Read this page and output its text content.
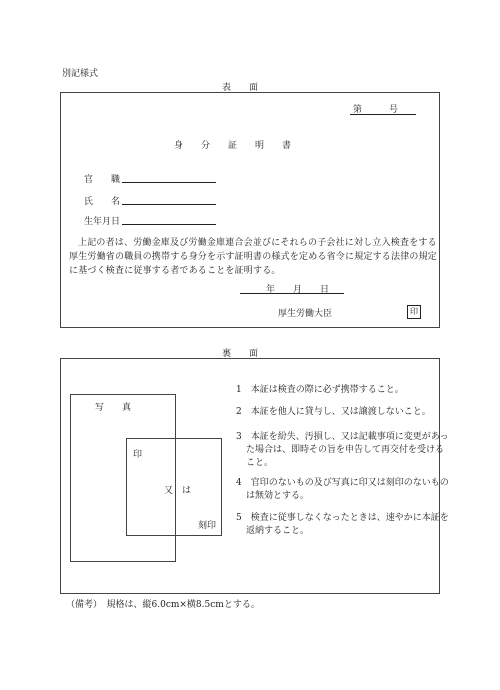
別記様式
表　　面
第　　　号
身　　分　　証　　明　　書
官　　職
氏　　名
生年月日
上記の者は、労働金庫及び労働金庫連合会並びにそれらの子会社に対し立入検査をする厚生労働省の職員の携帯する身分を示す証明書の様式を定める省令に規定する法律の規定に基づく検査に従事する者であることを証明する。
年　　月　　日
厚生労働大臣	印
裏　　面
写　　真
印
又　は
刻印
1　本証は検査の際に必ず携帯すること。
2　本証を他人に貸与し、又は譲渡しないこと。
3　本証を紛失、汚損し、又は記載事項に変更があった場合は、即時その旨を申告して再交付を受けること。
4　官印のないもの及び写真に印又は刻印のないものは無効とする。
5　検査に従事しなくなったときは、速やかに本証を返納すること。
（備考）　規格は、縦6.0cm×横8.5cmとする。
